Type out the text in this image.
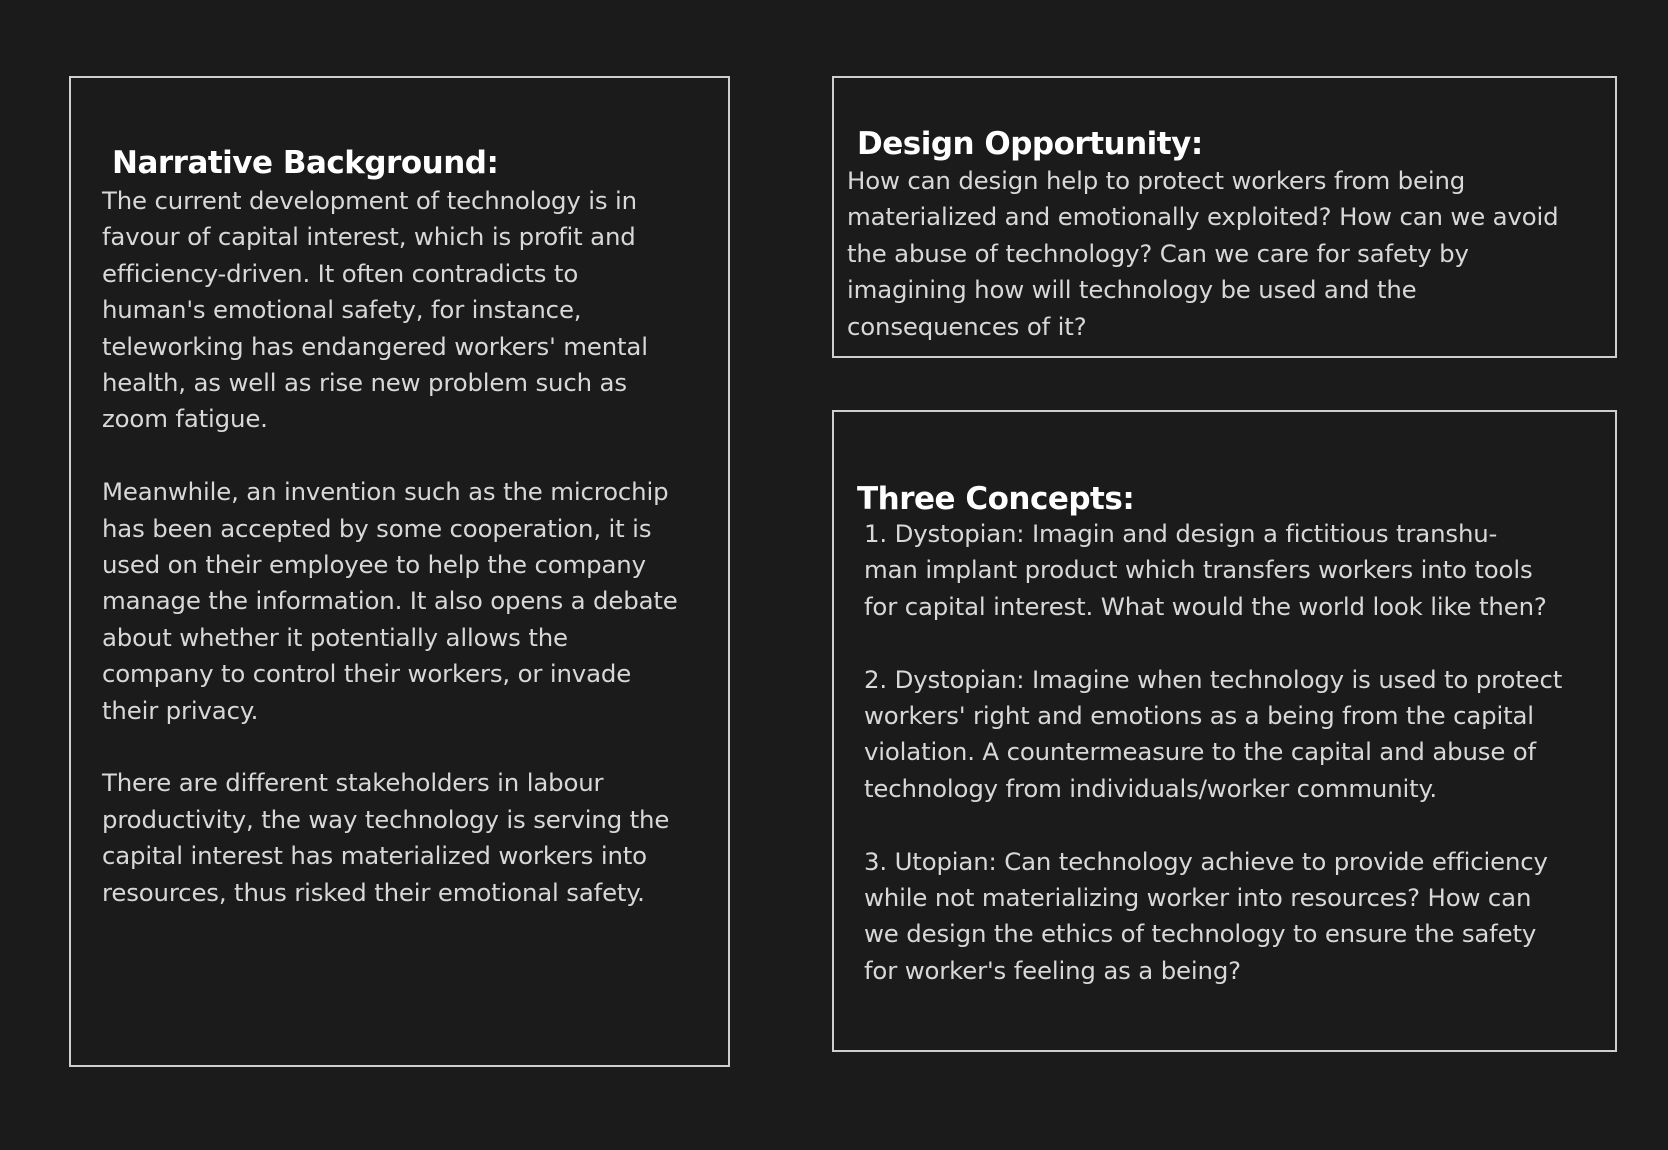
Narrative Background:
The current development of technology is in
favour of capital interest, which is profit and
efficiency-driven. It often contradicts to
human's emotional safety, for instance,
teleworking has endangered workers' mental
health, as well as rise new problem such as
zoom fatigue.
Meanwhile, an invention such as the microchip
has been accepted by some cooperation, it is
used on their employee to help the company
manage the information. It also opens a debate
about whether it potentially allows the
company to control their workers, or invade
their privacy.
There are different stakeholders in labour
productivity, the way technology is serving the
capital interest has materialized workers into
resources, thus risked their emotional safety.
Design Opportunity:
How can design help to protect workers from being
materialized and emotionally exploited? How can we avoid
the abuse of technology? Can we care for safety by
imagining how will technology be used and the
consequences of it?
Three Concepts:
1. Dystopian: Imagin and design a fictitious transhu-
man implant product which transfers workers into tools
for capital interest. What would the world look like then?
2. Dystopian: Imagine when technology is used to protect
workers' right and emotions as a being from the capital
violation. A countermeasure to the capital and abuse of
technology from individuals/worker community.
3. Utopian: Can technology achieve to provide efficiency
while not materializing worker into resources? How can
we design the ethics of technology to ensure the safety
for worker's feeling as a being?
